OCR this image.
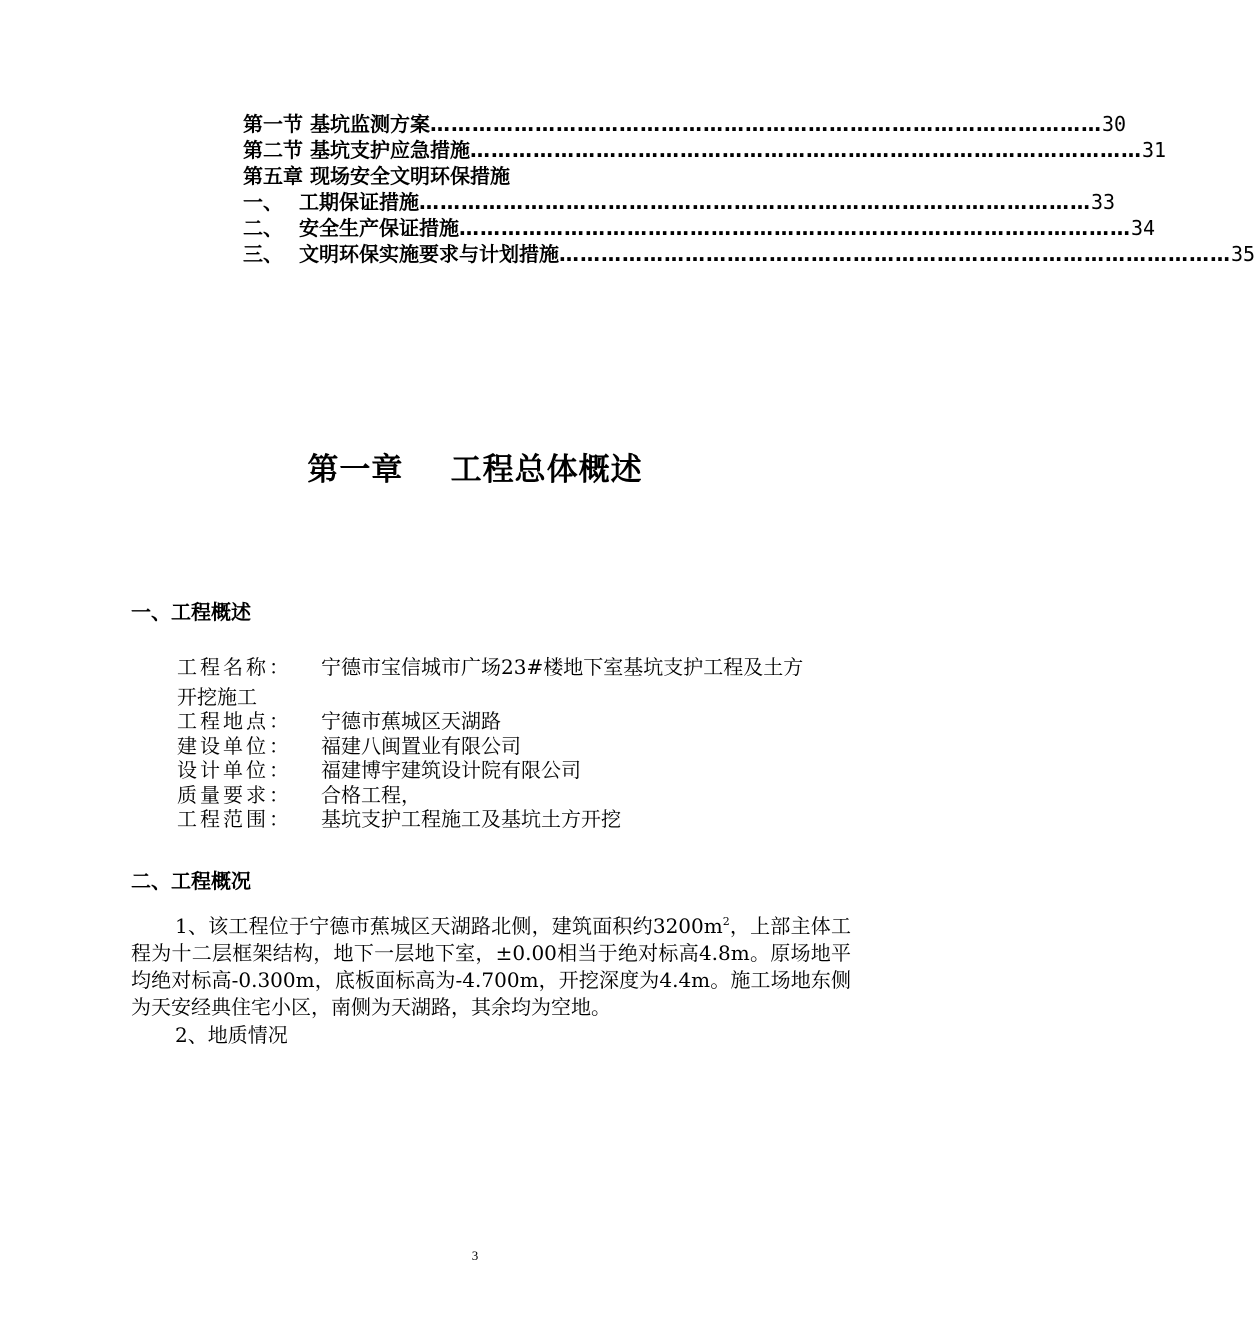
第一节 基坑监测方案 …………………………………………………………………………………… 30
第二节 基坑支护应急措施 …………………………………………………………………………………… 31
第五章 现场安全文明环保措施
一、 工期保证措施 …………………………………………………………………………………… 33
二、 安全生产保证措施 …………………………………………………………………………………… 34
三、 文明环保实施要求与计划措施 …………………………………………………………………………………… 35
第一章 工程总体概述
一、工程概述
工程名称： 宁德市宝信城市广场23#楼地下室基坑支护工程及土方
开挖施工
工程地点： 宁德市蕉城区天湖路
建设单位： 福建八闽置业有限公司
设计单位： 福建博宇建筑设计院有限公司
质量要求： 合格工程，
工程范围： 基坑支护工程施工及基坑土方开挖
二、工程概况
1、该工程位于宁德市蕉城区天湖路北侧，建筑面积约$3200m^2$，上部主体工程为十二层框架结构，地下一层地下室，±0.00相当于绝对标高4.8m。原场地平均绝对标高-0.300m，底板面标高为-4.700m，开挖深度为4.4m。施工场地东侧为天安经典住宅小区，南侧为天湖路，其余均为空地。
2、地质情况
3
